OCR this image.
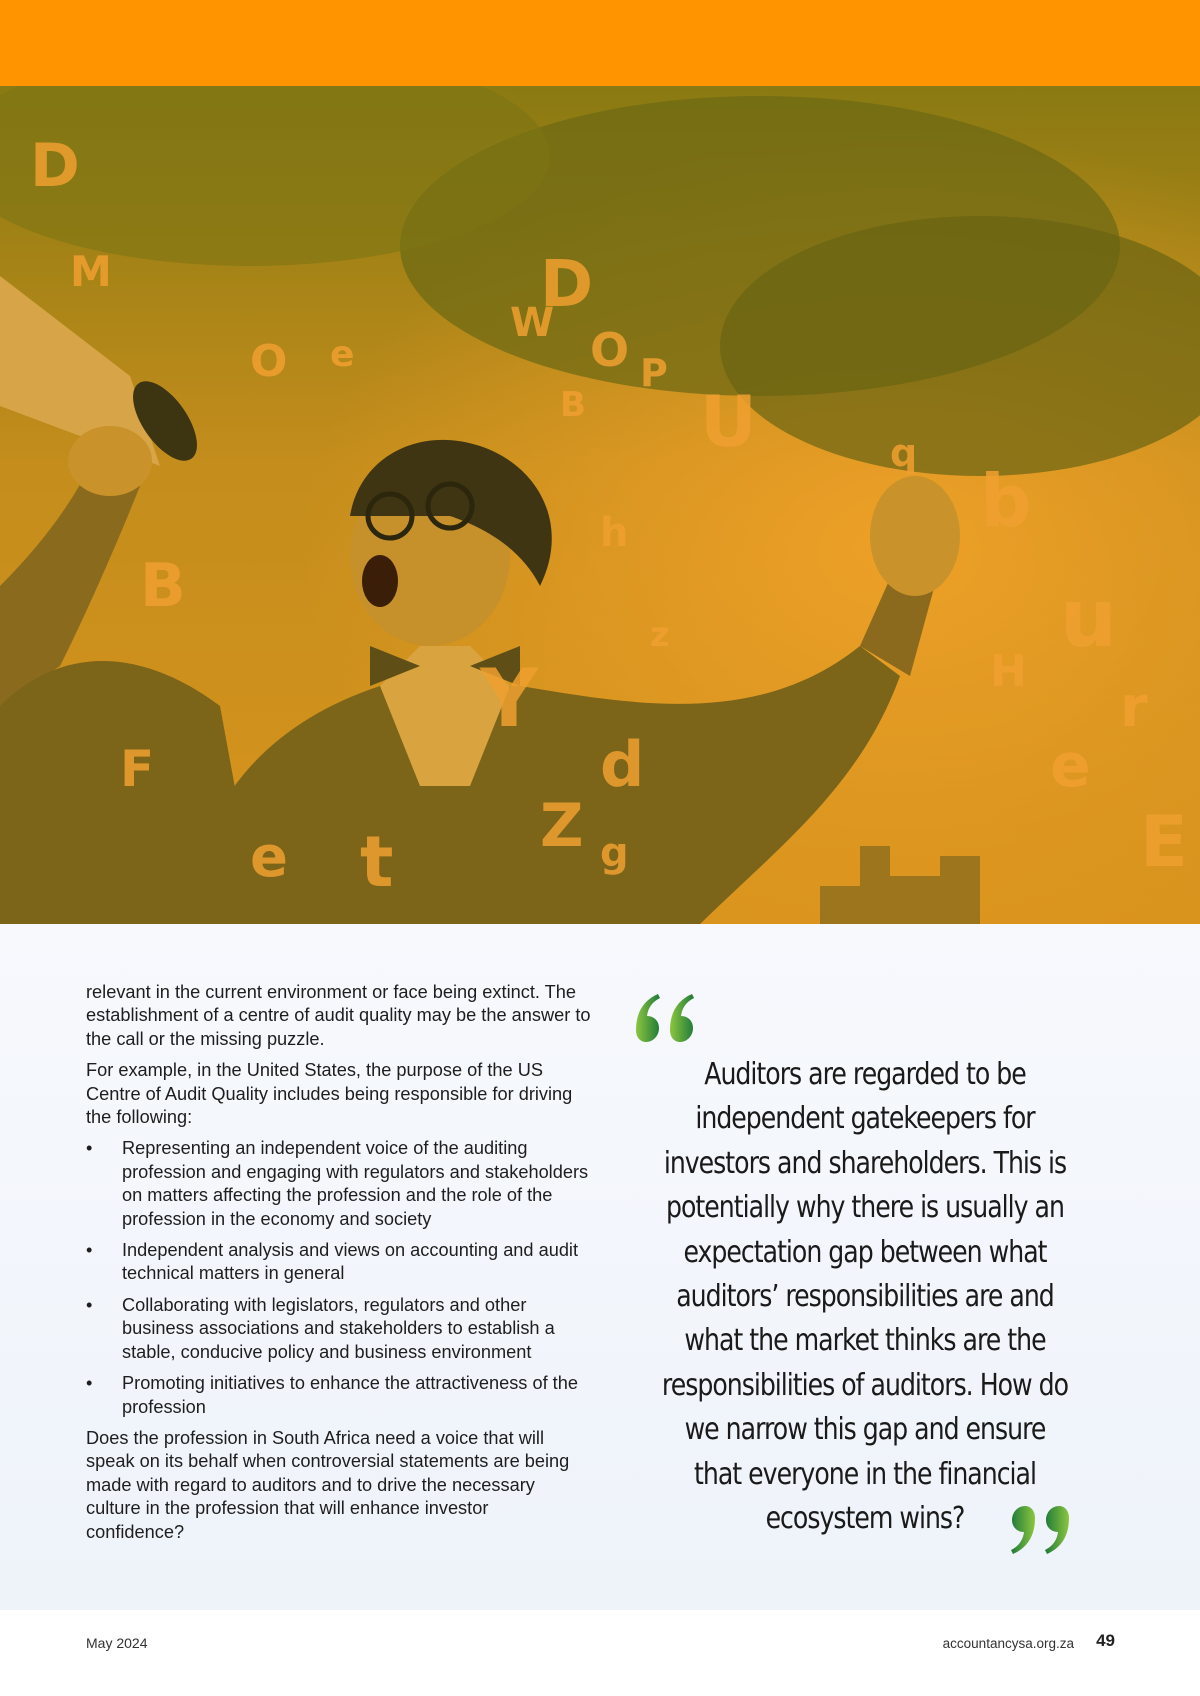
D
W O P
B U
b
u
H
r
e
E
Y
d
Z g
t
e
B
D
M
O e
h
q
z
F

relevant in the current environment or face being extinct. The establishment of a centre of audit quality may be the answer to the call or the missing puzzle.

For example, in the United States, the purpose of the US Centre of Audit Quality includes being responsible for driving the following:

• Representing an independent voice of the auditing profession and engaging with regulators and stakeholders on matters affecting the profession and the role of the profession in the economy and society
• Independent analysis and views on accounting and audit technical matters in general
• Collaborating with legislators, regulators and other business associations and stakeholders to establish a stable, conducive policy and business environment
• Promoting initiatives to enhance the attractiveness of the profession

Does the profession in South Africa need a voice that will speak on its behalf when controversial statements are being made with regard to auditors and to drive the necessary culture in the profession that will enhance investor confidence?

Auditors are regarded to be independent gatekeepers for investors and shareholders. This is potentially why there is usually an expectation gap between what auditors’ responsibilities are and what the market thinks are the responsibilities of auditors. How do we narrow this gap and ensure that everyone in the financial ecosystem wins?
May 2024	accountancysa.org.za 49
